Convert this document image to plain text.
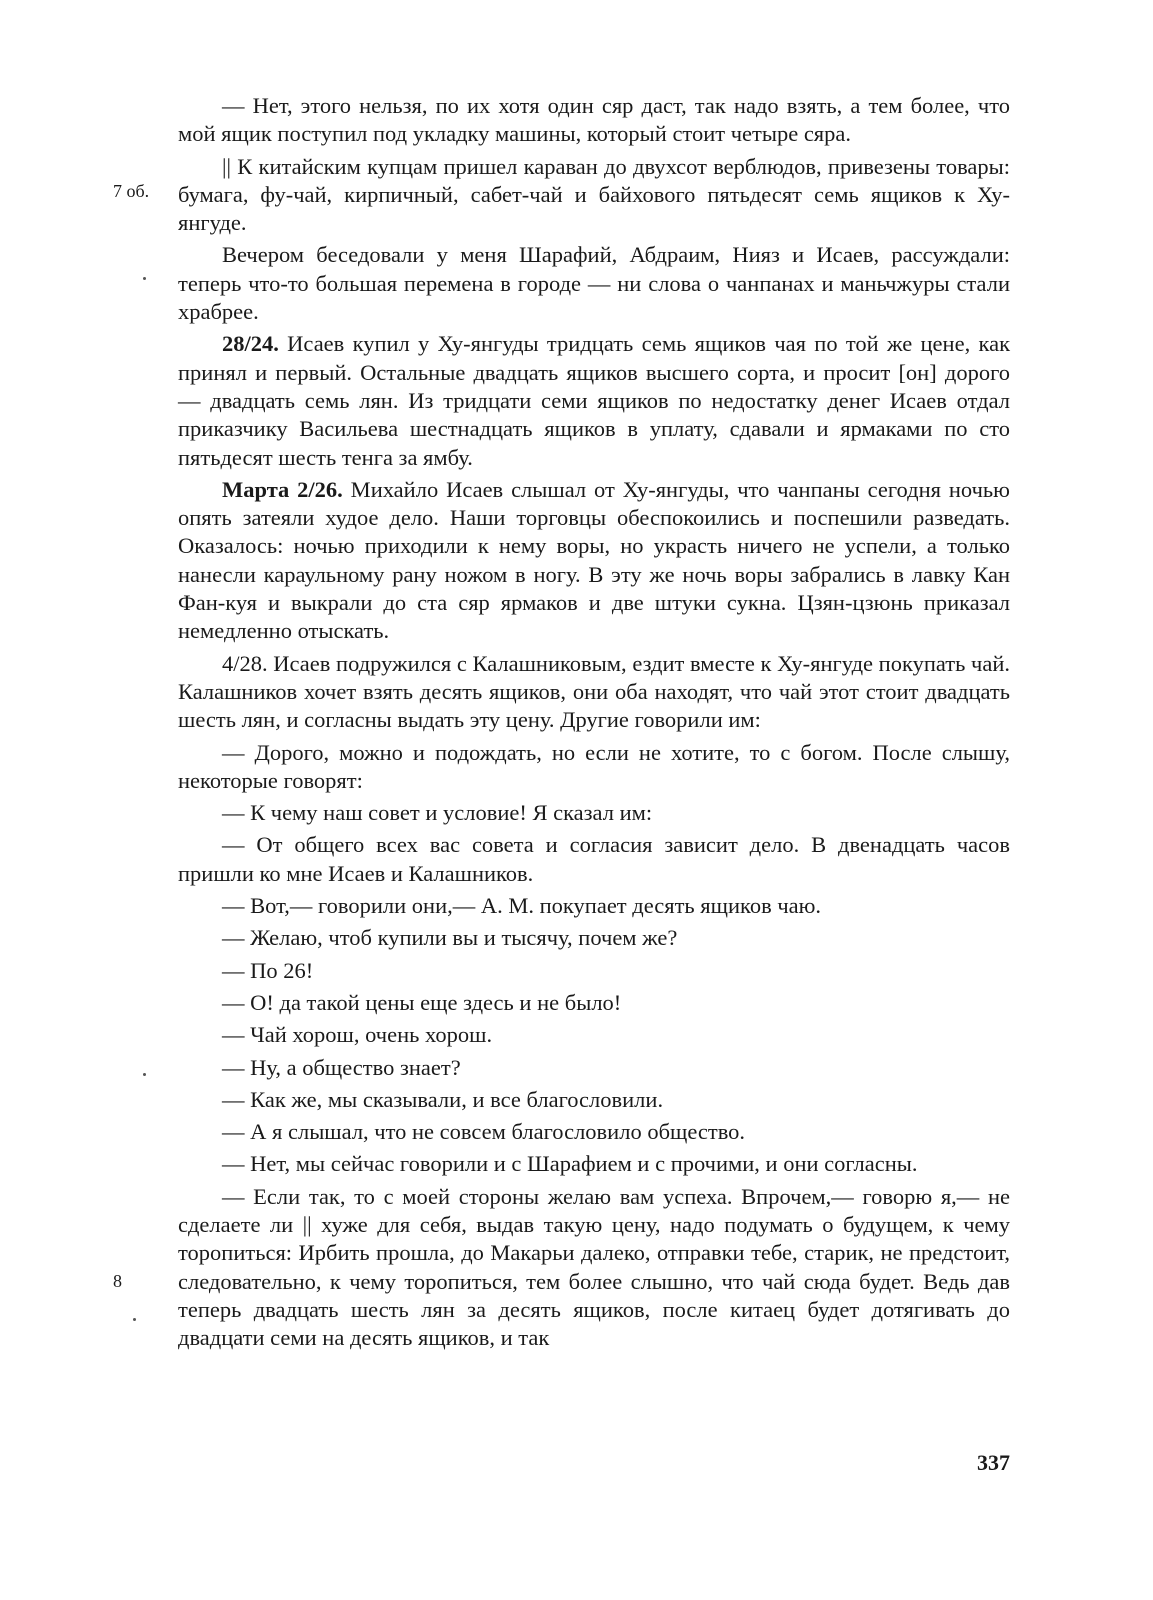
7 об.
8

— Нет, этого нельзя, по их хотя один сяр даст, так надо взять, а тем более, что мой ящик поступил под укладку машины, который стоит четыре сяра.

|| К китайским купцам пришел караван до двухсот верблюдов, привезены товары: бумага, фу-чай, кирпичный, сабет-чай и байхового пятьдесят семь ящиков к Ху-янгуде.

Вечером беседовали у меня Шарафий, Абдраим, Нияз и Исаев, рассуждали: теперь что-то большая перемена в городе — ни слова о чанпанах и маньчжуры стали храбрее.

28/24. Исаев купил у Ху-янгуды тридцать семь ящиков чая по той же цене, как принял и первый. Остальные двадцать ящиков высшего сорта, и просит [он] дорого — двадцать семь лян. Из тридцати семи ящиков по недостатку денег Исаев отдал приказчику Васильева шестнадцать ящиков в уплату, сдавали и ярмаками по сто пятьдесят шесть тенга за ямбу.

Марта 2/26. Михайло Исаев слышал от Ху-янгуды, что чанпаны сегодня ночью опять затеяли худое дело. Наши торговцы обеспокоились и поспешили разведать. Оказалось: ночью приходили к нему воры, но украсть ничего не успели, а только нанесли караульному рану ножом в ногу. В эту же ночь воры забрались в лавку Кан Фан-куя и выкрали до ста сяр ярмаков и две штуки сукна. Цзян-цзюнь приказал немедленно отыскать.

4/28. Исаев подружился с Калашниковым, ездит вместе к Ху-янгуде покупать чай. Калашников хочет взять десять ящиков, они оба находят, что чай этот стоит двадцать шесть лян, и согласны выдать эту цену. Другие говорили им:

— Дорого, можно и подождать, но если не хотите, то с богом. После слышу, некоторые говорят:

— К чему наш совет и условие! Я сказал им:

— От общего всех вас совета и согласия зависит дело. В двенадцать часов пришли ко мне Исаев и Калашников.

— Вот,— говорили они,— А. М. покупает десять ящиков чаю.

— Желаю, чтоб купили вы и тысячу, почем же?

— По 26!

— О! да такой цены еще здесь и не было!

— Чай хорош, очень хорош.

— Ну, а общество знает?

— Как же, мы сказывали, и все благословили.

— А я слышал, что не совсем благословило общество.

— Нет, мы сейчас говорили и с Шарафием и с прочими, и они согласны.

— Если так, то с моей стороны желаю вам успеха. Впрочем,— говорю я,— не сделаете ли || хуже для себя, выдав такую цену, надо подумать о будущем, к чему торопиться: Ирбить прошла, до Макарьи далеко, отправки тебе, старик, не предстоит, следовательно, к чему торопиться, тем более слышно, что чай сюда будет. Ведь дав теперь двадцать шесть лян за десять ящиков, после китаец будет дотягивать до двадцати семи на десять ящиков, и так

337
